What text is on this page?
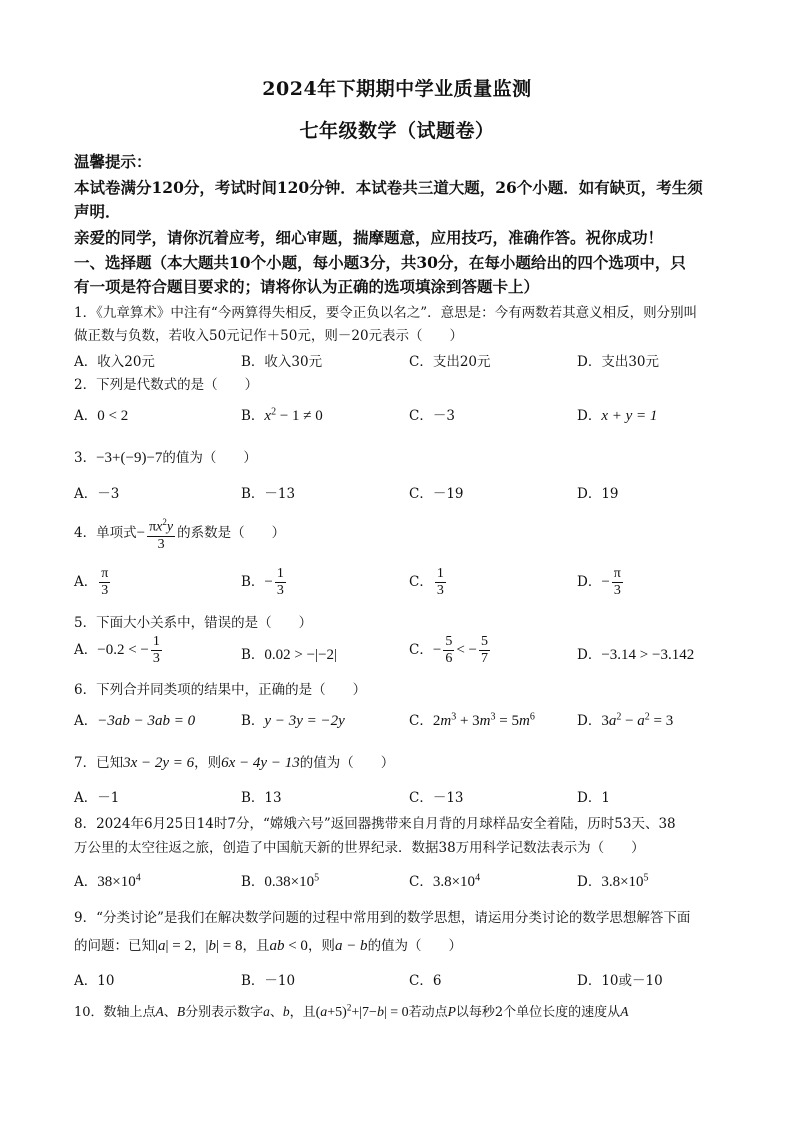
2024年下期期中学业质量监测
七年级数学（试题卷）
温馨提示：
本试卷满分120分，考试时间120分钟．本试卷共三道大题，26个小题．如有缺页，考生须
声明．
亲爱的同学，请你沉着应考，细心审题，揣摩题意，应用技巧，准确作答。祝你成功！
一、选择题（本大题共10个小题，每小题3分，共30分，在每小题给出的四个选项中，只
有一项是符合题目要求的；请将你认为正确的选项填涂到答题卡上）
1．《九章算术》中注有“今两算得失相反，要令正负以名之”．意思是：今有两数若其意义相反，则分别叫
做正数与负数，若收入50元记作＋50元，则－20元表示（　　）
A．收入20元	B．收入30元	C．支出20元	D．支出30元
2．下列是代数式的是（　　）
A．0 < 2	B．$x^2 - 1 \ne 0$	C．－3	D．x + y = 1
3．−3+(−9)−7的值为（　　）
A．－3	B．－13	C．－19	D．19
4．单项式− $\frac{\pi x^2y}{3}$ 的系数是（　　）
A． $\frac{\pi}{3}$	B．− $\frac{1}{3}$	C． $\frac{1}{3}$	D．− $\frac{\pi}{3}$
5．下面大小关系中，错误的是（　　）
A．−0.2 < − $\frac{1}{3}$	B．0.02 > −|−2|	C．− $\frac{5}{6}$ < − $\frac{5}{7}$	D．−3.14 > −3.142
6．下列合并同类项的结果中，正确的是（　　）
A．−3ab − 3ab = 0	B．y − 3y = −2y	C．$2m^3 + 3m^3 = 5m^6$	D．$3a^2 - a^2 = 3$
7．已知3x − 2y = 6，则6x − 4y − 13的值为（　　）
A．－1	B．13	C．－13	D．1
8．2024年6月25日14时7分，“嫦娥六号”返回器携带来自月背的月球样品安全着陆，历时53天、38
万公里的太空往返之旅，创造了中国航天新的世界纪录．数据38万用科学记数法表示为（　　）
A．$38\times 10^4$	B．$0.38\times 10^5$	C．$3.8\times 10^4$	D．$3.8\times 10^5$
9．“分类讨论”是我们在解决数学问题的过程中常用到的数学思想，请运用分类讨论的数学思想解答下面
的问题：已知|a| = 2，|b| = 8，且ab < 0，则a − b的值为（　　）
A．10	B．－10	C．6	D．10或－10
10．数轴上点A、B分别表示数字a、b，且$(a+5)^2+|7-b| = 0$若动点P以每秒2个单位长度的速度从A
